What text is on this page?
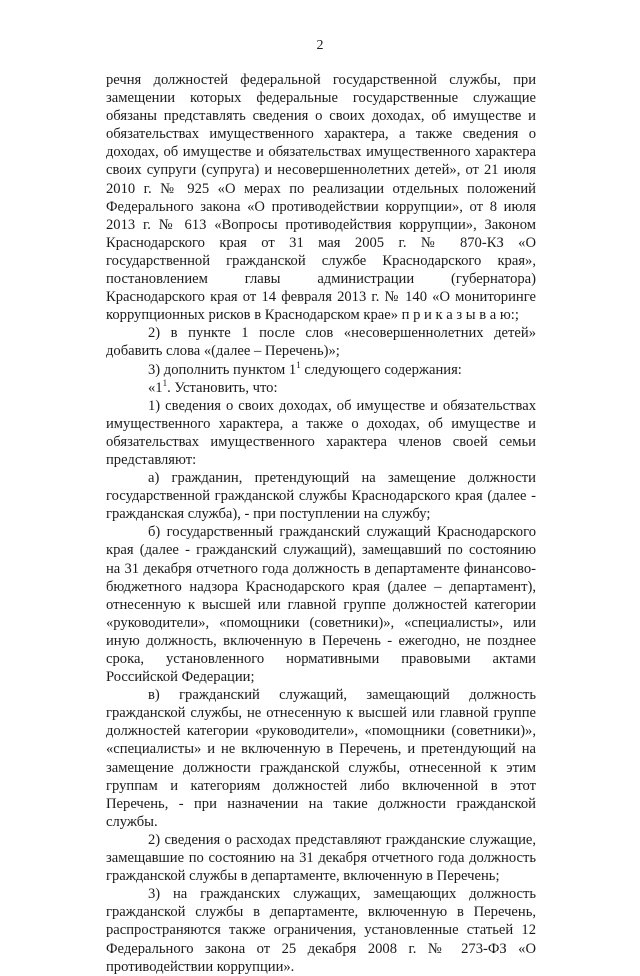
2

речня должностей федеральной государственной службы, при замещении которых федеральные государственные служащие обязаны представлять сведения о своих доходах, об имуществе и обязательствах имущественного характера, а также сведения о доходах, об имуществе и обязательствах имущественного характера своих супруги (супруга) и несовершеннолетних детей», от 21 июля 2010 г. № 925 «О мерах по реализации отдельных положений Федерального закона «О противодействии коррупции», от 8 июля 2013 г. № 613 «Вопросы противодействия коррупции», Законом Краснодарского края от 31 мая 2005 г. № 870-КЗ «О государственной гражданской службе Краснодарского края», постановлением главы администрации (губернатора) Краснодарского края от 14 февраля 2013 г. № 140 «О мониторинге коррупционных рисков в Краснодарском крае» п р и к а з ы в а ю:;

2) в пункте 1 после слов «несовершеннолетних детей» добавить слова «(далее – Перечень)»;

3) дополнить пунктом $1^1$ следующего содержания:

«$1^1$. Установить, что:

1) сведения о своих доходах, об имуществе и обязательствах имущественного характера, а также о доходах, об имуществе и обязательствах имущественного характера членов своей семьи представляют:

а) гражданин, претендующий на замещение должности государственной гражданской службы Краснодарского края (далее - гражданская служба), - при поступлении на службу;

б) государственный гражданский служащий Краснодарского края (далее - гражданский служащий), замещавший по состоянию на 31 декабря отчетного года должность в департаменте финансово-бюджетного надзора Краснодарского края (далее – департамент), отнесенную к высшей или главной группе должностей категории «руководители», «помощники (советники)», «специалисты», или иную должность, включенную в Перечень - ежегодно, не позднее срока, установленного нормативными правовыми актами Российской Федерации;

в) гражданский служащий, замещающий должность гражданской службы, не отнесенную к высшей или главной группе должностей категории «руководители», «помощники (советники)», «специалисты» и не включенную в Перечень, и претендующий на замещение должности гражданской службы, отнесенной к этим группам и категориям должностей либо включенной в этот Перечень, - при назначении на такие должности гражданской службы.

2) сведения о расходах представляют гражданские служащие, замещавшие по состоянию на 31 декабря отчетного года должность гражданской службы в департаменте, включенную в Перечень;

3) на гражданских служащих, замещающих должность гражданской службы в департаменте, включенную в Перечень, распространяются также ограничения, установленные статьей 12 Федерального закона от 25 декабря 2008 г. № 273-ФЗ «О противодействии коррупции».
